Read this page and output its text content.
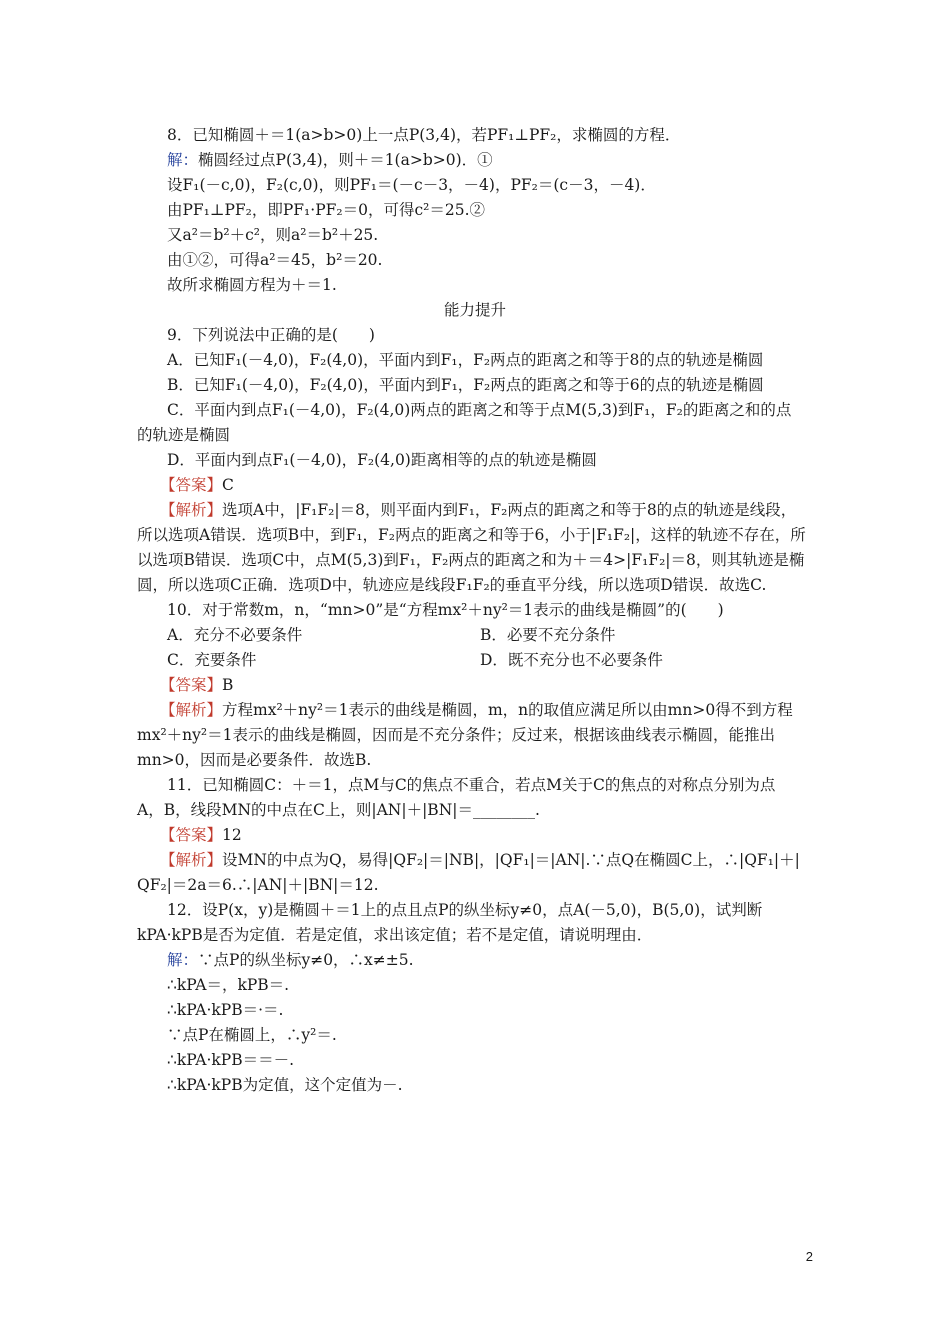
8．已知椭圆＋＝1(a>b>0)上一点P(3,4)，若PF₁⊥PF₂，求椭圆的方程．
解：椭圆经过点P(3,4)，则＋＝1(a>b>0)．①
设F₁(－c,0)，F₂(c,0)，则PF₁＝(－c－3，－4)，PF₂＝(c－3，－4)．
由PF₁⊥PF₂，即PF₁·PF₂＝0，可得c²＝25.②
又a²＝b²＋c²，则a²＝b²＋25.
由①②，可得a²＝45，b²＝20.
故所求椭圆方程为＋＝1.
能力提升
9．下列说法中正确的是(　　)
A．已知F₁(－4,0)，F₂(4,0)，平面内到F₁，F₂两点的距离之和等于8的点的轨迹是椭圆
B．已知F₁(－4,0)，F₂(4,0)，平面内到F₁，F₂两点的距离之和等于6的点的轨迹是椭圆
C．平面内到点F₁(－4,0)，F₂(4,0)两点的距离之和等于点M(5,3)到F₁，F₂的距离之和的点
的轨迹是椭圆
D．平面内到点F₁(－4,0)，F₂(4,0)距离相等的点的轨迹是椭圆
【答案】C
【解析】选项A中，|F₁F₂|＝8，则平面内到F₁，F₂两点的距离之和等于8的点的轨迹是线段，
所以选项A错误．选项B中，到F₁，F₂两点的距离之和等于6，小于|F₁F₂|，这样的轨迹不存在，所
以选项B错误．选项C中，点M(5,3)到F₁，F₂两点的距离之和为＋＝4>|F₁F₂|＝8，则其轨迹是椭
圆，所以选项C正确．选项D中，轨迹应是线段F₁F₂的垂直平分线，所以选项D错误．故选C.
10．对于常数m，n，“mn>0”是“方程mx²＋ny²＝1表示的曲线是椭圆”的(　　)
A．充分不必要条件	B．必要不充分条件
C．充要条件	D．既不充分也不必要条件
【答案】B
【解析】方程mx²＋ny²＝1表示的曲线是椭圆，m，n的取值应满足所以由mn>0得不到方程
mx²＋ny²＝1表示的曲线是椭圆，因而是不充分条件；反过来，根据该曲线表示椭圆，能推出
mn>0，因而是必要条件．故选B.
11．已知椭圆C：＋＝1，点M与C的焦点不重合，若点M关于C的焦点的对称点分别为点
A，B，线段MN的中点在C上，则|AN|＋|BN|＝________.
【答案】12
【解析】设MN的中点为Q，易得|QF₂|＝|NB|，|QF₁|＝|AN|.∵点Q在椭圆C上，∴|QF₁|＋|
QF₂|＝2a＝6.∴|AN|＋|BN|＝12.
12．设P(x，y)是椭圆＋＝1上的点且点P的纵坐标y≠0，点A(－5,0)，B(5,0)，试判断
kPA·kPB是否为定值．若是定值，求出该定值；若不是定值，请说明理由．
解：∵点P的纵坐标y≠0，∴x≠±5.
∴kPA＝，kPB＝.
∴kPA·kPB＝·＝.
∵点P在椭圆上，∴y²＝.
∴kPA·kPB＝＝－.
∴kPA·kPB为定值，这个定值为－.
2
